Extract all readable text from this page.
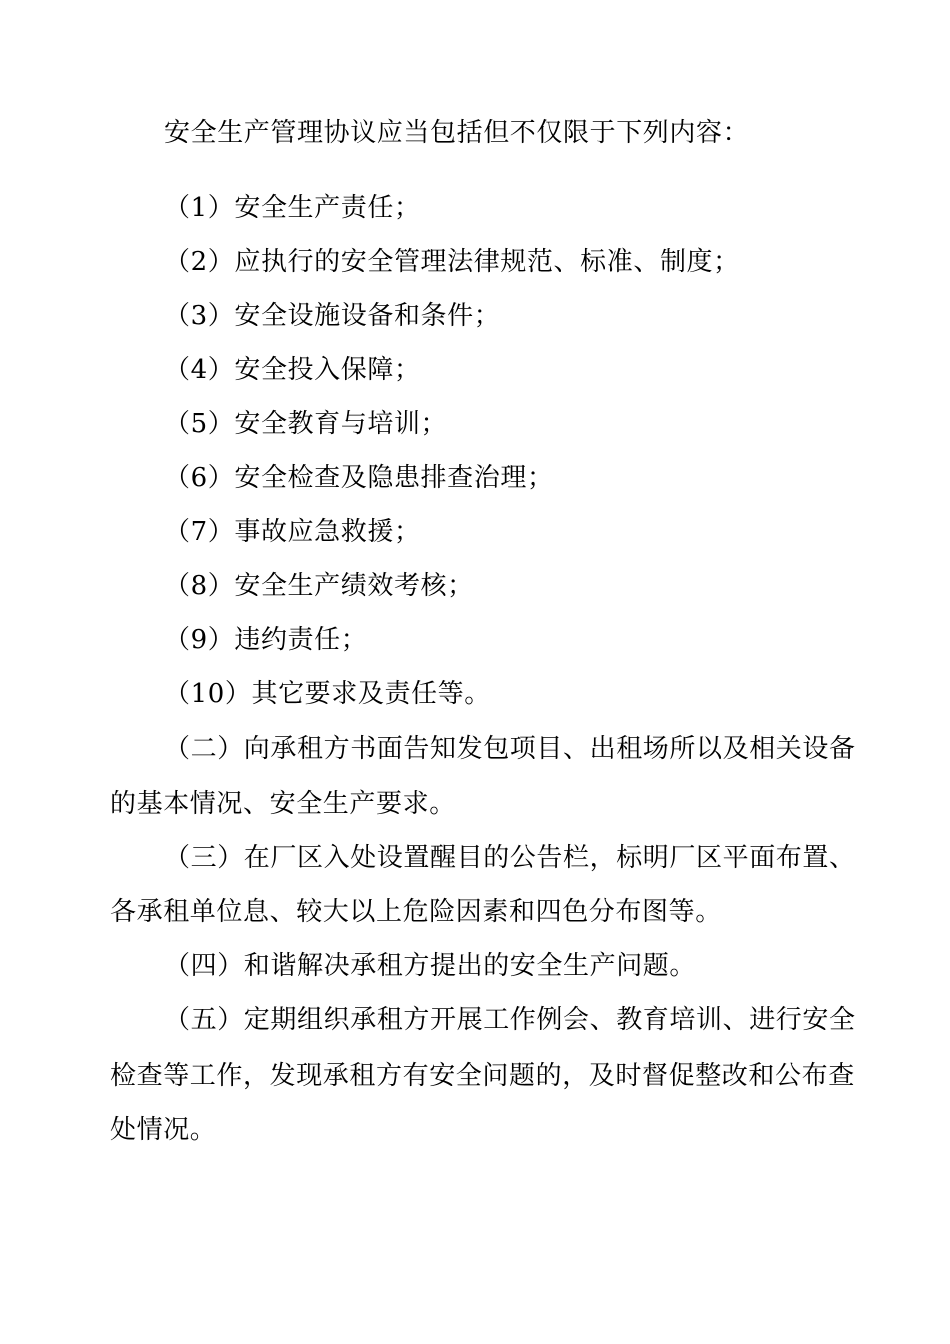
安全生产管理协议应当包括但不仅限于下列内容：

（1）安全生产责任；

（2）应执行的安全管理法律规范、标准、制度；

（3）安全设施设备和条件；

（4）安全投入保障；

（5）安全教育与培训；

（6）安全检查及隐患排查治理；

（7）事故应急救援；

（8）安全生产绩效考核；

（9）违约责任；

（10）其它要求及责任等。

（二）向承租方书面告知发包项目、出租场所以及相关设备

的基本情况、安全生产要求。

（三）在厂区入处设置醒目的公告栏，标明厂区平面布置、

各承租单位息、较大以上危险因素和四色分布图等。

（四）和谐解决承租方提出的安全生产问题。

（五）定期组织承租方开展工作例会、教育培训、进行安全

检查等工作，发现承租方有安全问题的，及时督促整改和公布查

处情况。
